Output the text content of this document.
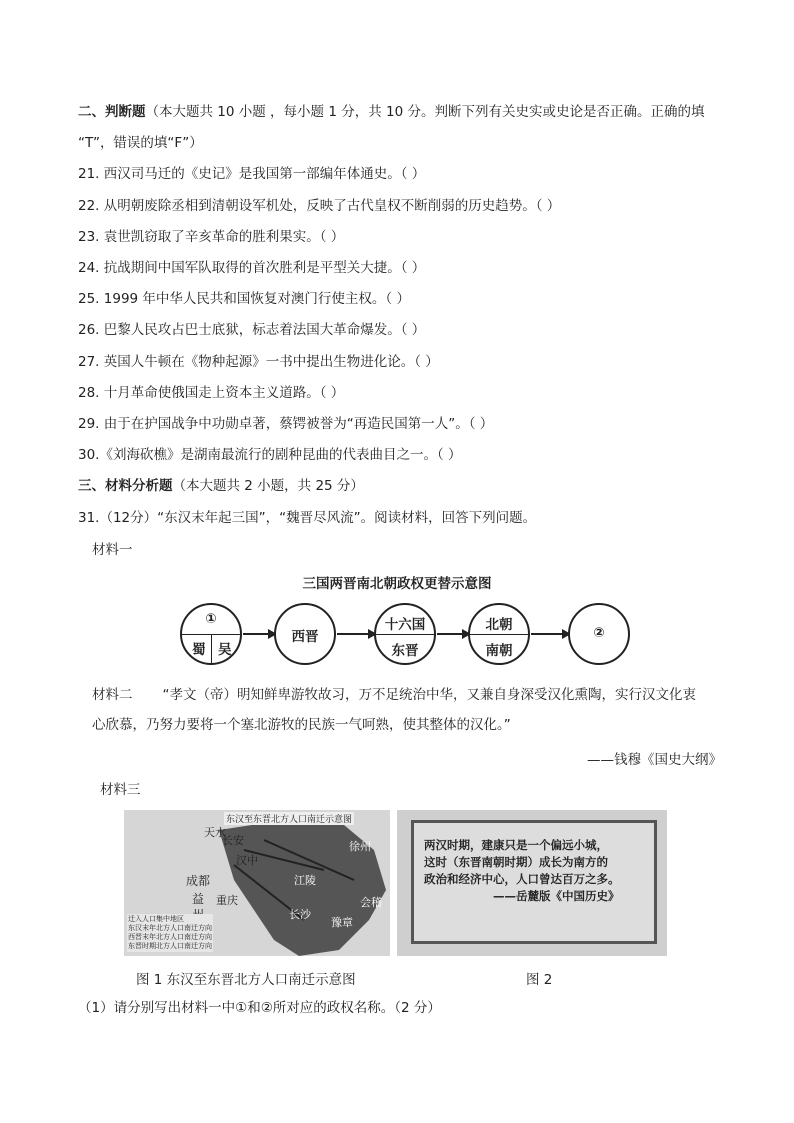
二、判断题（本大题共 10 小题 ，每小题 1 分，共 10 分。判断下列有关史实或史论是否正确。正确的填
“T”，错误的填“F”）
21. 西汉司马迁的《史记》是我国第一部编年体通史。（ ）
22. 从明朝废除丞相到清朝设军机处，反映了古代皇权不断削弱的历史趋势。（ ）
23. 袁世凯窃取了辛亥革命的胜利果实。（ ）
24. 抗战期间中国军队取得的首次胜利是平型关大捷。（ ）
25. 1999 年中华人民共和国恢复对澳门行使主权。（ ）
26. 巴黎人民攻占巴士底狱，标志着法国大革命爆发。（ ）
27. 英国人牛顿在《物种起源》一书中提出生物进化论。（ ）
28. 十月革命使俄国走上资本主义道路。（ ）
29. 由于在护国战争中功勋卓著，蔡锷被誉为“再造民国第一人”。（ ）
30.《刘海砍樵》是湖南最流行的剧种昆曲的代表曲目之一。（ ）
三、材料分析题（本大题共 2 小题，共 25 分）
31.（12分）“东汉末年起三国”，“魏晋尽风流”。阅读材料，回答下列问题。
材料一
三国两晋南北朝政权更替示意图
①
蜀 吴
西晋
十六国
东晋
北朝
南朝
②
材料二 “孝文（帝）明知鲜卑游牧故习，万不足统治中华，又兼自身深受汉化熏陶，实行汉文化衷
心欣慕，乃努力要将一个塞北游牧的民族一气呵熟，使其整体的汉化。”
——钱穆《国史大纲》
材料三
东汉至东晋北方人口南迁示意图
天水
长安
汉中
成都
益 重庆
徐州
江陵
长沙
豫章
会稽
迁入人口集中地区
东汉末年北方人口南迁方向
西晋末年北方人口南迁方向
东晋时期北方人口南迁方向
两汉时期，建康只是一个偏远小城，
这时（东晋南朝时期）成长为南方的
政治和经济中心，人口曾达百万之多。
——岳麓版《中国历史》
图 1 东汉至东晋北方人口南迁示意图	图 2
（1）请分别写出材料一中①和②所对应的政权名称。（2 分）
